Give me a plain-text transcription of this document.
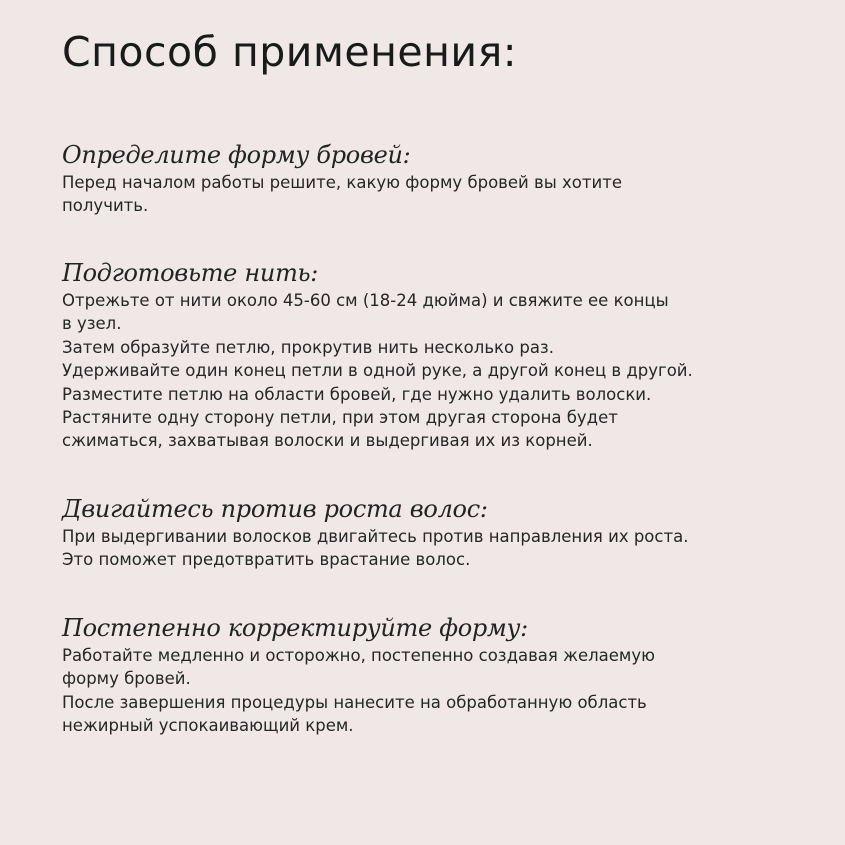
Способ применения:
Определите форму бровей:

Перед началом работы решите, какую форму бровей вы хотите

получить.

Подготовьте нить:

Отрежьте от нити около 45-60 см (18-24 дюйма) и свяжите ее концы

в узел.

Затем образуйте петлю, прокрутив нить несколько раз.

Удерживайте один конец петли в одной руке, а другой конец в другой.

Разместите петлю на области бровей, где нужно удалить волоски.

Растяните одну сторону петли, при этом другая сторона будет

сжиматься, захватывая волоски и выдергивая их из корней.

Двигайтесь против роста волос:

При выдергивании волосков двигайтесь против направления их роста.

Это поможет предотвратить врастание волос.

Постепенно корректируйте форму:

Работайте медленно и осторожно, постепенно создавая желаемую

форму бровей.

После завершения процедуры нанесите на обработанную область

нежирный успокаивающий крем.
